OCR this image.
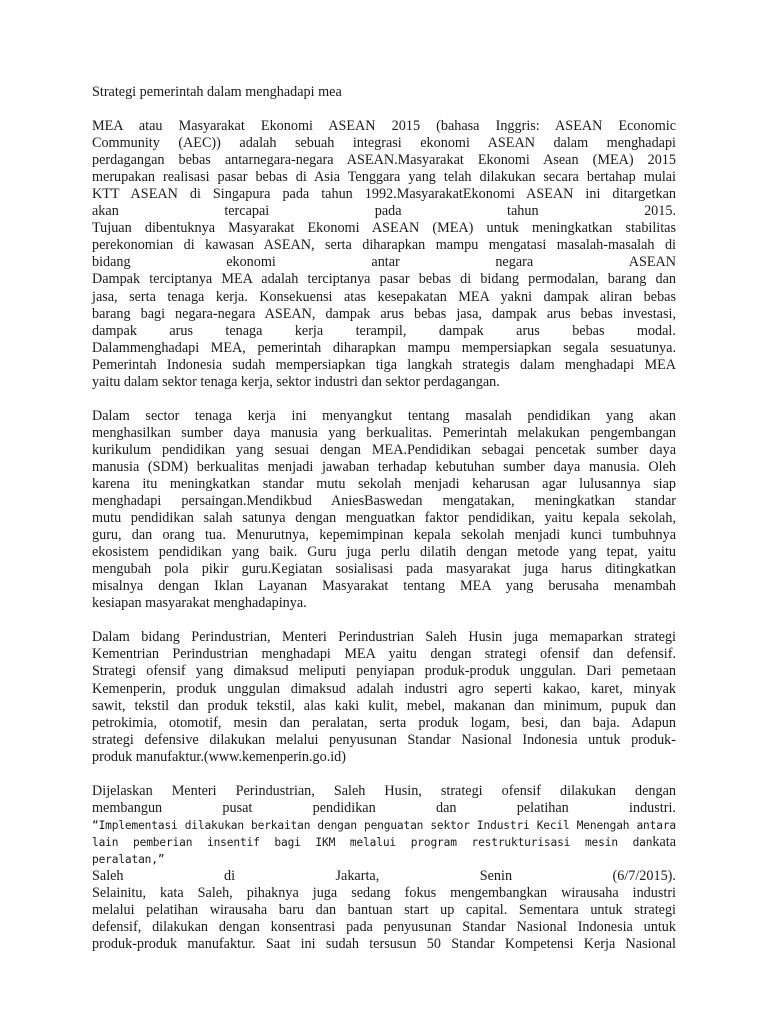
Strategi pemerintah dalam menghadapi mea

MEA atau Masyarakat Ekonomi ASEAN 2015 (bahasa Inggris: ASEAN Economic
Community (AEC)) adalah sebuah integrasi ekonomi ASEAN dalam menghadapi
perdagangan bebas antarnegara-negara ASEAN.Masyarakat Ekonomi Asean (MEA) 2015
merupakan realisasi pasar bebas di Asia Tenggara yang telah dilakukan secara bertahap mulai
KTT ASEAN di Singapura pada tahun 1992.MasyarakatEkonomi ASEAN ini ditargetkan
akan	tercapai	pada	tahun	2015.
Tujuan dibentuknya Masyarakat Ekonomi ASEAN (MEA) untuk meningkatkan stabilitas
perekonomian di kawasan ASEAN, serta diharapkan mampu mengatasi masalah-masalah di
bidang	ekonomi	antar	negara	ASEAN
Dampak terciptanya MEA adalah terciptanya pasar bebas di bidang permodalan, barang dan
jasa, serta tenaga kerja. Konsekuensi atas kesepakatan MEA yakni dampak aliran bebas
barang bagi negara-negara ASEAN, dampak arus bebas jasa, dampak arus bebas investasi,
dampak arus tenaga kerja terampil, dampak arus bebas modal.
Dalammenghadapi MEA, pemerintah diharapkan mampu mempersiapkan segala sesuatunya.
Pemerintah Indonesia sudah mempersiapkan tiga langkah strategis dalam menghadapi MEA
yaitu dalam sektor tenaga kerja, sektor industri dan sektor perdagangan.
Dalam sector tenaga kerja ini menyangkut tentang masalah pendidikan yang akan
menghasilkan sumber daya manusia yang berkualitas. Pemerintah melakukan pengembangan
kurikulum pendidikan yang sesuai dengan MEA.Pendidikan sebagai pencetak sumber daya
manusia (SDM) berkualitas menjadi jawaban terhadap kebutuhan sumber daya manusia. Oleh
karena itu meningkatkan standar mutu sekolah menjadi keharusan agar lulusannya siap
menghadapi persaingan.Mendikbud AniesBaswedan mengatakan, meningkatkan standar
mutu pendidikan salah satunya dengan menguatkan faktor pendidikan, yaitu kepala sekolah,
guru, dan orang tua. Menurutnya, kepemimpinan kepala sekolah menjadi kunci tumbuhnya
ekosistem pendidikan yang baik. Guru juga perlu dilatih dengan metode yang tepat, yaitu
mengubah pola pikir guru.Kegiatan sosialisasi pada masyarakat juga harus ditingkatkan
misalnya dengan Iklan Layanan Masyarakat tentang MEA yang berusaha menambah
kesiapan masyarakat menghadapinya.
Dalam bidang Perindustrian, Menteri Perindustrian Saleh Husin juga memaparkan strategi
Kementrian Perindustrian menghadapi MEA yaitu dengan strategi ofensif dan defensif.
Strategi ofensif yang dimaksud meliputi penyiapan produk-produk unggulan. Dari pemetaan
Kemenperin, produk unggulan dimaksud adalah industri agro seperti kakao, karet, minyak
sawit, tekstil dan produk tekstil, alas kaki kulit, mebel, makanan dan minimum, pupuk dan
petrokimia, otomotif, mesin dan peralatan, serta produk logam, besi, dan baja. Adapun
strategi defensive dilakukan melalui penyusunan Standar Nasional Indonesia untuk produk-
produk manufaktur.(www.kemenperin.go.id)
Dijelaskan Menteri Perindustrian, Saleh Husin, strategi ofensif dilakukan dengan
membangun	pusat	pendidikan	dan	pelatihan	industri.
“Implementasi dilakukan berkaitan dengan penguatan sektor Industri Kecil Menengah antara
lain pemberian insentif bagi IKM melalui program restrukturisasi mesin dan peralatan,”
kata
Saleh	di	Jakarta,	Senin	(6/7/2015).
Selainitu, kata Saleh, pihaknya juga sedang fokus mengembangkan wirausaha industri
melalui pelatihan wirausaha baru dan bantuan start up capital. Sementara untuk strategi
defensif, dilakukan dengan konsentrasi pada penyusunan Standar Nasional Indonesia untuk
produk-produk manufaktur. Saat ini sudah tersusun 50 Standar Kompetensi Kerja Nasional
